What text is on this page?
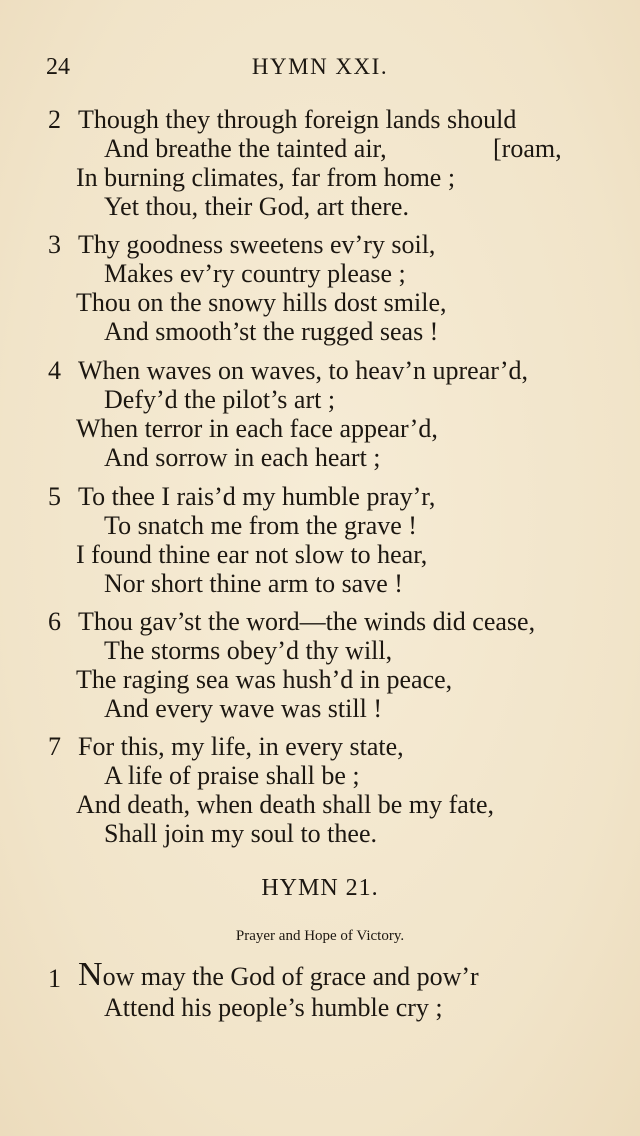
24	HYMN XXI.
2 Though they through foreign lands should
And breathe the tainted air,	[roam,
In burning climates, far from home ;
Yet thou, their God, art there.
3 Thy goodness sweetens ev’ry soil,
Makes ev’ry country please ;
Thou on the snowy hills dost smile,
And smooth’st the rugged seas !
4 When waves on waves, to heav’n uprear’d,
Defy’d the pilot’s art ;
When terror in each face appear’d,
And sorrow in each heart ;
5 To thee I rais’d my humble pray’r,
To snatch me from the grave !
I found thine ear not slow to hear,
Nor short thine arm to save !
6 Thou gav’st the word—the winds did cease,
The storms obey’d thy will,
The raging sea was hush’d in peace,
And every wave was still !
7 For this, my life, in every state,
A life of praise shall be ;
And death, when death shall be my fate,
Shall join my soul to thee.
HYMN 21.
Prayer and Hope of Victory.
1 Now may the God of grace and pow’r
Attend his people’s humble cry ;
